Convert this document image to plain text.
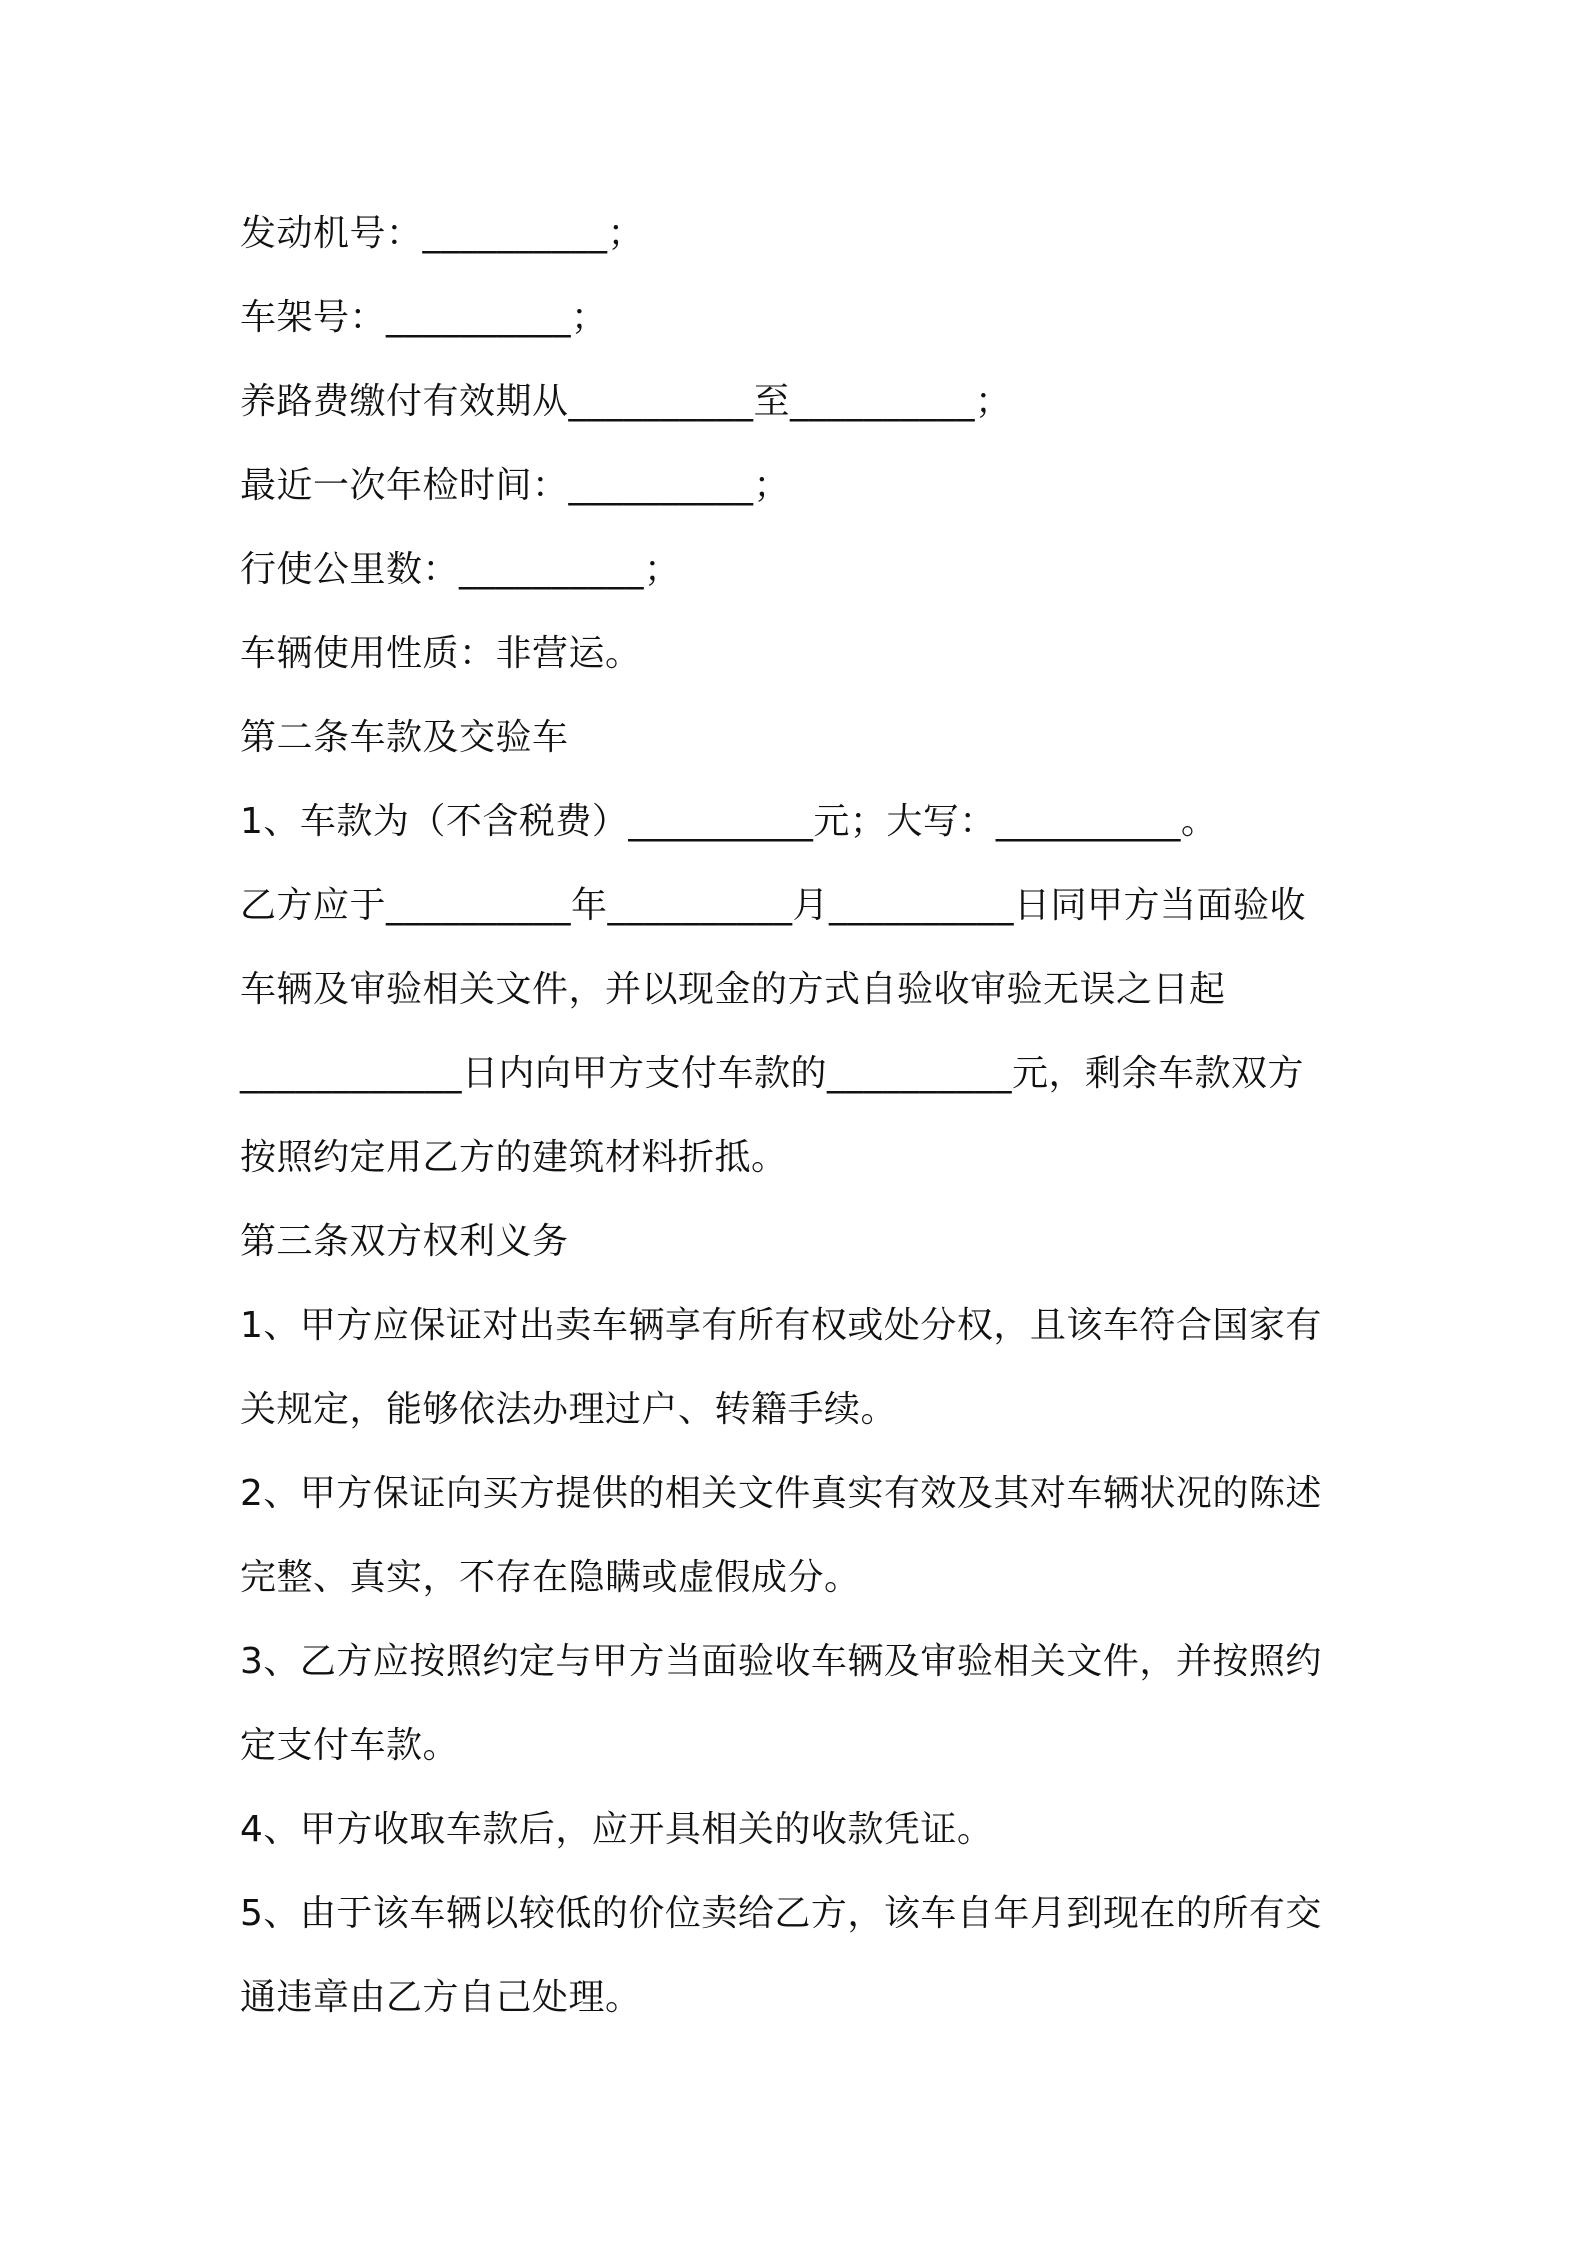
发动机号：__________；
车架号：__________；
养路费缴付有效期从__________至__________；
最近一次年检时间：__________；
行使公里数：__________；
车辆使用性质：非营运。
第二条车款及交验车
1、车款为（不含税费）__________元；大写：__________。
乙方应于__________年__________月__________日同甲方当面验收
车辆及审验相关文件，并以现金的方式自验收审验无误之日起
____________日内向甲方支付车款的__________元，剩余车款双方
按照约定用乙方的建筑材料折抵。
第三条双方权利义务
1、甲方应保证对出卖车辆享有所有权或处分权，且该车符合国家有
关规定，能够依法办理过户、转籍手续。
2、甲方保证向买方提供的相关文件真实有效及其对车辆状况的陈述
完整、真实，不存在隐瞒或虚假成分。
3、乙方应按照约定与甲方当面验收车辆及审验相关文件，并按照约
定支付车款。
4、甲方收取车款后，应开具相关的收款凭证。
5、由于该车辆以较低的价位卖给乙方，该车自年月到现在的所有交
通违章由乙方自己处理。
